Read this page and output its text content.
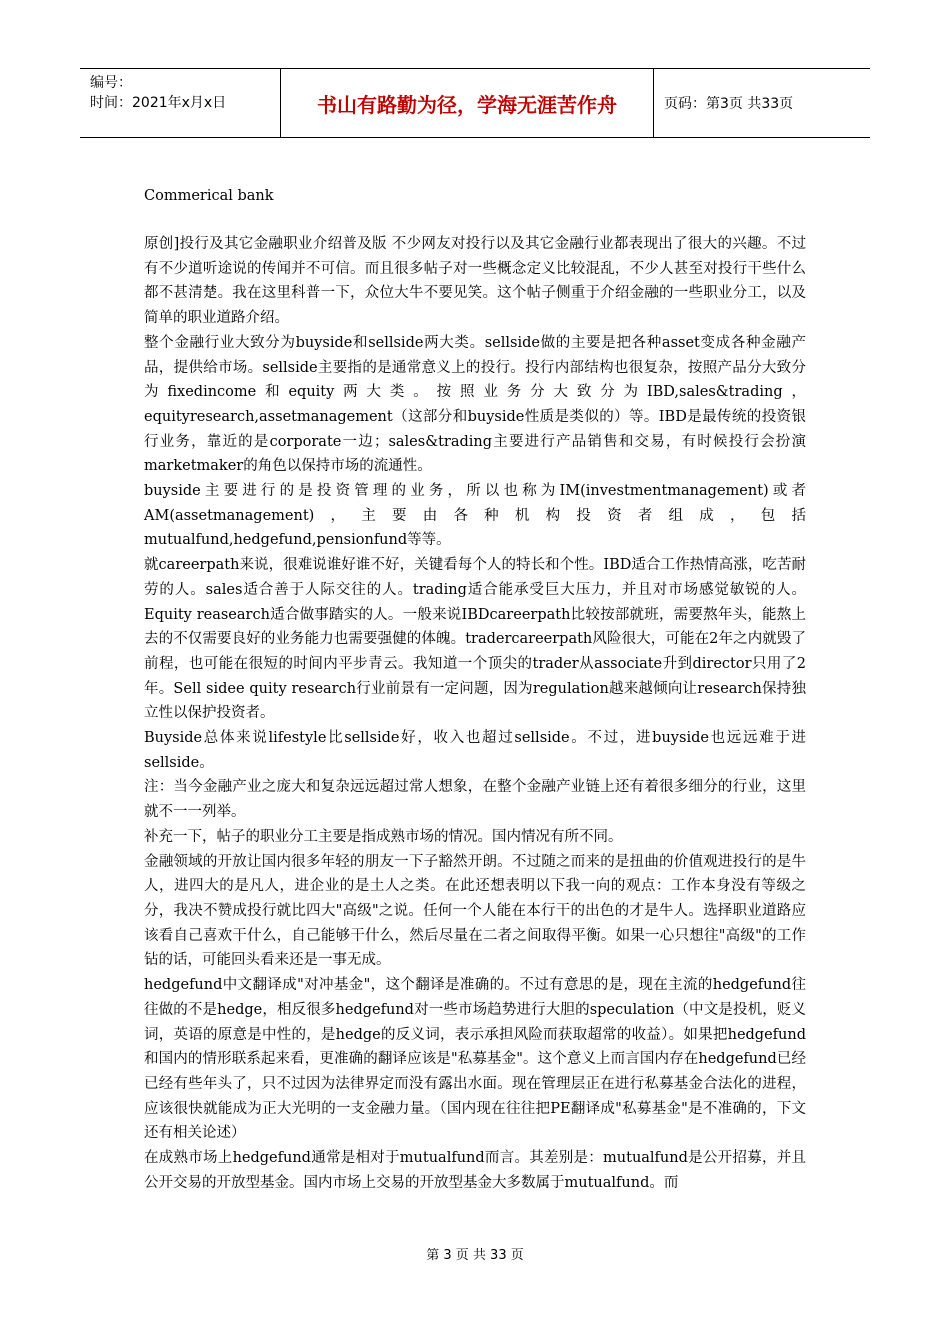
编号：
时间：2021年x月x日	书山有路勤为径，学海无涯苦作舟	页码：第3页 共33页
Commerical bank

原创]投行及其它金融职业介绍普及版 不少网友对投行以及其它金融行业都表现出了很大的兴趣。不过有不少道听途说的传闻并不可信。而且很多帖子对一些概念定义比较混乱，不少人甚至对投行干些什么都不甚清楚。我在这里科普一下，众位大牛不要见笑。这个帖子侧重于介绍金融的一些职业分工，以及简单的职业道路介绍。

整个金融行业大致分为buyside和sellside两大类。sellside做的主要是把各种asset变成各种金融产品，提供给市场。sellside主要指的是通常意义上的投行。投行内部结构也很复杂，按照产品分大致分为fixedincome和equity两大类。按照业务分大致分为IBD,sales&trading，equityresearch,assetmanagement（这部分和buyside性质是类似的）等。IBD是最传统的投资银行业务，靠近的是corporate一边；sales&trading主要进行产品销售和交易，有时候投行会扮演marketmaker的角色以保持市场的流通性。

buyside主要进行的是投资管理的业务，所以也称为IM(investmentmanagement)或者AM(assetmanagement)，主要由各种机构投资者组成，包括mutualfund,hedgefund,pensionfund等等。

就careerpath来说，很难说谁好谁不好，关键看每个人的特长和个性。IBD适合工作热情高涨，吃苦耐劳的人。sales适合善于人际交往的人。trading适合能承受巨大压力，并且对市场感觉敏锐的人。Equity reasearch适合做事踏实的人。一般来说IBDcareerpath比较按部就班，需要熬年头，能熬上去的不仅需要良好的业务能力也需要强健的体魄。tradercareerpath风险很大，可能在2年之内就毁了前程，也可能在很短的时间内平步青云。我知道一个顶尖的trader从associate升到director只用了2年。Sell sidee quity research行业前景有一定问题，因为regulation越来越倾向让research保持独立性以保护投资者。

Buyside总体来说lifestyle比sellside好，收入也超过sellside。不过，进buyside也远远难于进sellside。

注：当今金融产业之庞大和复杂远远超过常人想象，在整个金融产业链上还有着很多细分的行业，这里就不一一列举。

补充一下，帖子的职业分工主要是指成熟市场的情况。国内情况有所不同。

金融领域的开放让国内很多年轻的朋友一下子豁然开朗。不过随之而来的是扭曲的价值观进投行的是牛人，进四大的是凡人，进企业的是土人之类。在此还想表明以下我一向的观点：工作本身没有等级之分，我决不赞成投行就比四大"高级"之说。任何一个人能在本行干的出色的才是牛人。选择职业道路应该看自己喜欢干什么，自己能够干什么，然后尽量在二者之间取得平衡。如果一心只想往"高级"的工作钻的话，可能回头看来还是一事无成。

hedgefund中文翻译成"对冲基金"，这个翻译是准确的。不过有意思的是，现在主流的hedgefund往往做的不是hedge，相反很多hedgefund对一些市场趋势进行大胆的speculation（中文是投机，贬义词，英语的原意是中性的，是hedge的反义词，表示承担风险而获取超常的收益）。如果把hedgefund和国内的情形联系起来看，更准确的翻译应该是"私募基金"。这个意义上而言国内存在hedgefund已经已经有些年头了，只不过因为法律界定而没有露出水面。现在管理层正在进行私募基金合法化的进程，应该很快就能成为正大光明的一支金融力量。（国内现在往往把PE翻译成"私募基金"是不准确的，下文还有相关论述）

在成熟市场上hedgefund通常是相对于mutualfund而言。其差别是：mutualfund是公开招募，并且公开交易的开放型基金。国内市场上交易的开放型基金大多数属于mutualfund。而

第 3 页 共 33 页
